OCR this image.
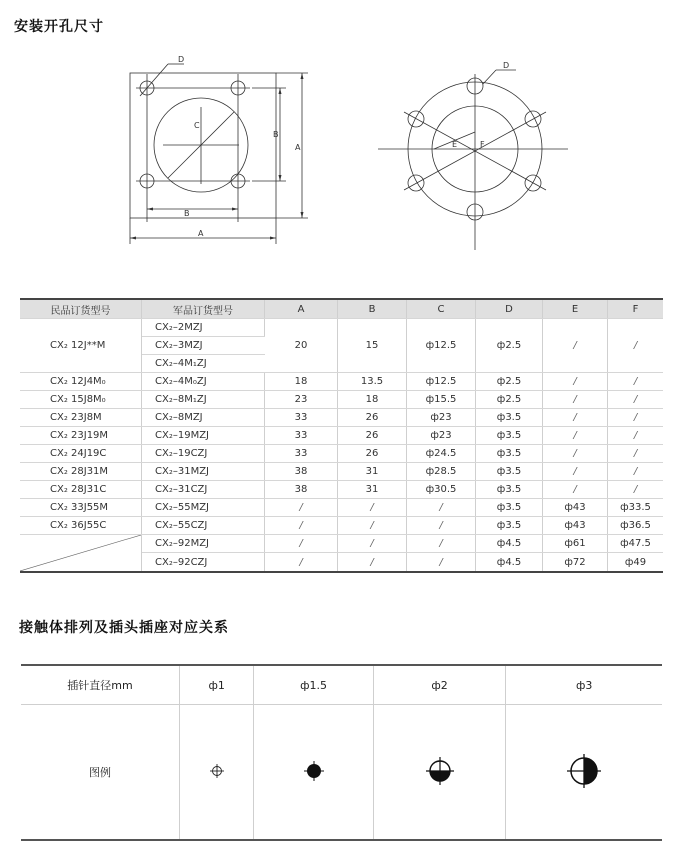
安装开孔尺寸
D
C
B
A
B
A
D
E	F
民品订货型号	军品订货型号	A	B	C	D	E	F
CX₂ 12J**M	CX₂–2MZJ	20	15	ф12.5	ф2.5	/	/
	CX₂–3MZJ						
	CX₂–4M₁ZJ						
CX₂ 12J4M₀	CX₂–4M₀ZJ	18	13.5	ф12.5	ф2.5	/	/
CX₂ 15J8M₀	CX₂–8M₁ZJ	23	18	ф15.5	ф2.5	/	/
CX₂ 23J8M	CX₂–8MZJ	33	26	ф23	ф3.5	/	/
CX₂ 23J19M	CX₂–19MZJ	33	26	ф23	ф3.5	/	/
CX₂ 24J19C	CX₂–19CZJ	33	26	ф24.5	ф3.5	/	/
CX₂ 28J31M	CX₂–31MZJ	38	31	ф28.5	ф3.5	/	/
CX₂ 28J31C	CX₂–31CZJ	38	31	ф30.5	ф3.5	/	/
CX₂ 33J55M	CX₂–55MZJ	/	/	/	ф3.5	ф43	ф33.5
CX₂ 36J55C	CX₂–55CZJ	/	/	/	ф3.5	ф43	ф36.5

	CX₂–92MZJ	/	/	/	ф4.5	ф61	ф47.5
	CX₂–92CZJ	/	/	/	ф4.5	ф72	ф49
接触体排列及插头插座对应关系
插针直径mm	ф1	ф1.5	ф2	ф3
图例				
